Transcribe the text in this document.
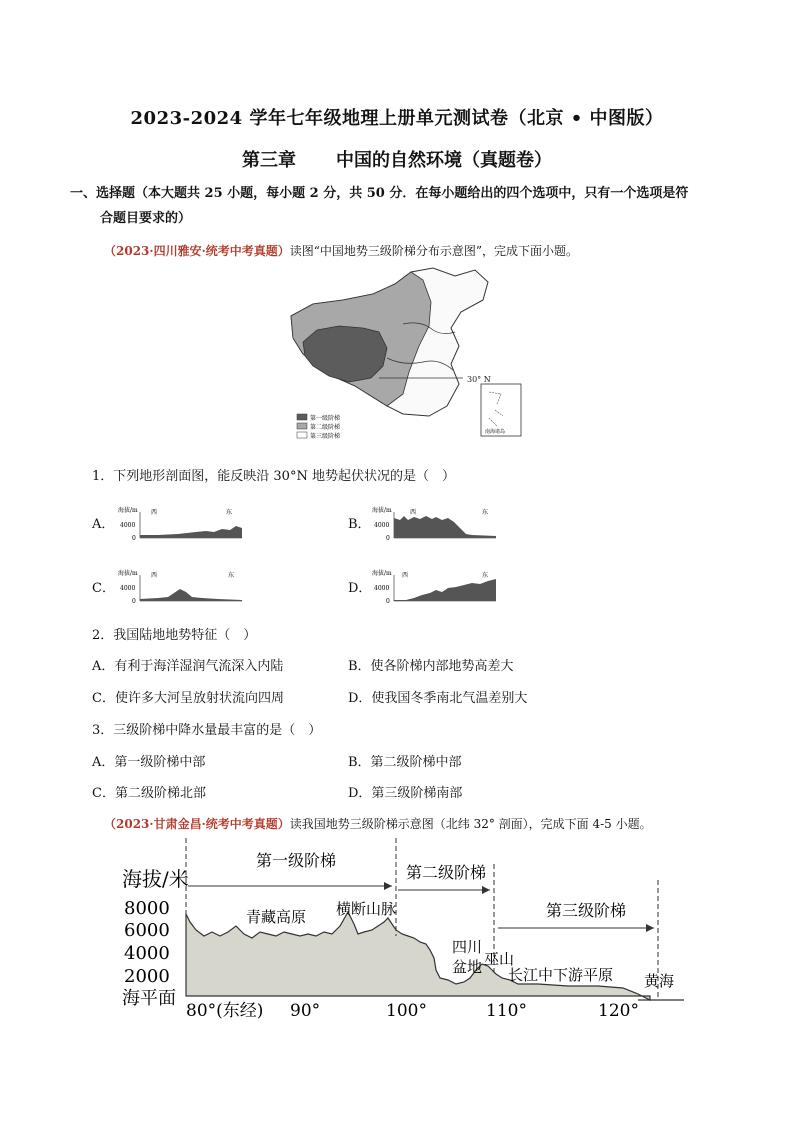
2023-2024 学年七年级地理上册单元测试卷（北京 • 中图版）
第三章 中国的自然环境（真题卷）
一、选择题（本大题共 25 小题，每小题 2 分，共 50 分．在每小题给出的四个选项中，只有一个选项是符
合题目要求的）
（2023·四川雅安·统考中考真题）读图“中国地势三级阶梯分布示意图”，完成下面小题。
30° N
第一级阶梯
第二级阶梯
第三级阶梯
南海诸岛
1．下列地形剖面图，能反映沿 30°N 地势起伏状况的是（　）
A．
海拔/m 西	东
4000
0
B．
海拔/m	西	东
4000
0
C．
海拔/m 西	东
4000
0
D．
海拔/m 西	东
4000
0
2．我国陆地地势特征（　）
A．有利于海洋湿润气流深入内陆	B．使各阶梯内部地势高差大
C．使许多大河呈放射状流向四周	D．使我国冬季南北气温差别大
3．三级阶梯中降水量最丰富的是（　）
A．第一级阶梯中部	B．第二级阶梯中部
C．第二级阶梯北部	D．第三级阶梯南部
（2023·甘肃金昌·统考中考真题）读我国地势三级阶梯示意图（北纬 32° 剖面），完成下面 4-5 小题。
海拔/米
8000
6000
4000
2000
海平面
第一级阶梯
第二级阶梯
第三级阶梯
青藏高原 横断山脉
四川
盆地 巫山
长江中下游平原 黄海
80°(东经) 90°	100°	110°	120°
